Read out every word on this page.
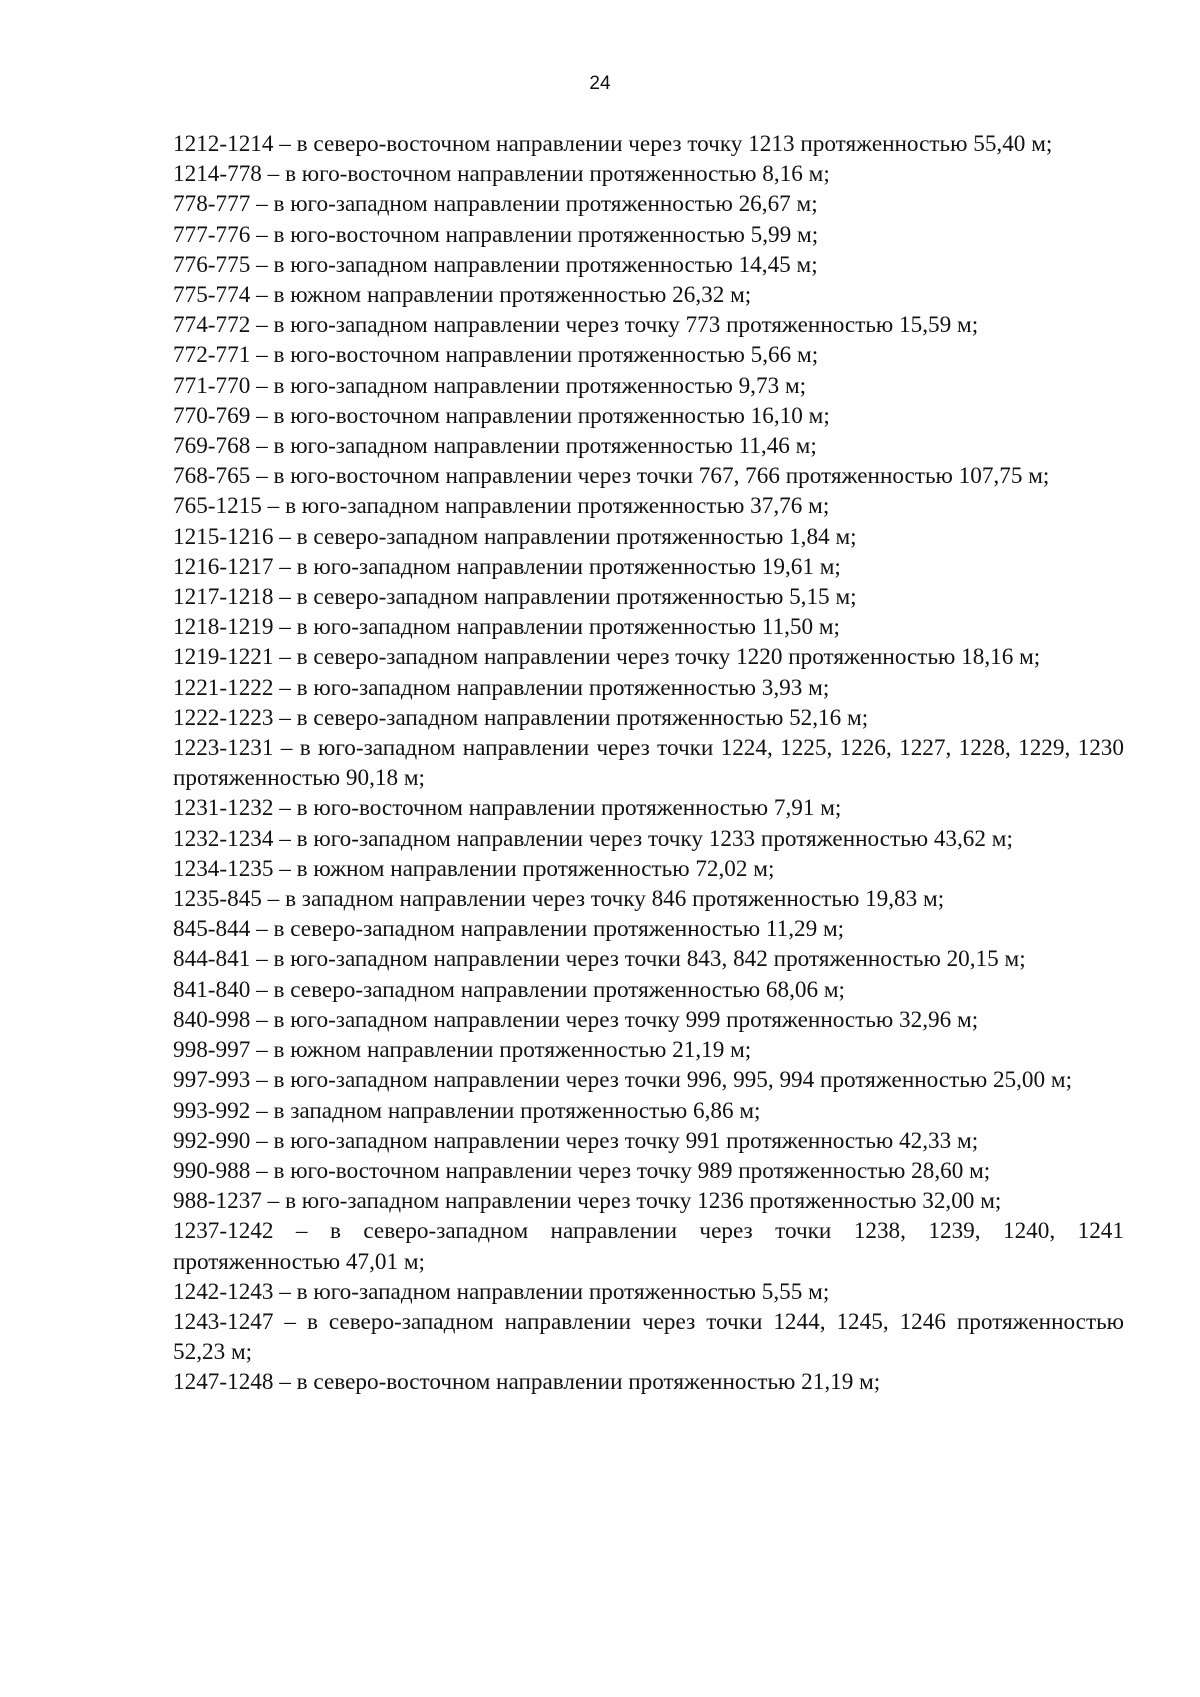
24

1212-1214 – в северо-восточном направлении через точку 1213 протяженностью 55,40 м;

1214-778 – в юго-восточном направлении протяженностью 8,16 м;

778-777 – в юго-западном направлении протяженностью 26,67 м;

777-776 – в юго-восточном направлении протяженностью 5,99 м;

776-775 – в юго-западном направлении протяженностью 14,45 м;

775-774 – в южном направлении протяженностью 26,32 м;

774-772 – в юго-западном направлении через точку 773 протяженностью 15,59 м;

772-771 – в юго-восточном направлении протяженностью 5,66 м;

771-770 – в юго-западном направлении протяженностью 9,73 м;

770-769 – в юго-восточном направлении протяженностью 16,10 м;

769-768 – в юго-западном направлении протяженностью 11,46 м;

768-765 – в юго-восточном направлении через точки 767, 766 протяженностью 107,75 м;

765-1215 – в юго-западном направлении протяженностью 37,76 м;

1215-1216 – в северо-западном направлении протяженностью 1,84 м;

1216-1217 – в юго-западном направлении протяженностью 19,61 м;

1217-1218 – в северо-западном направлении протяженностью 5,15 м;

1218-1219 – в юго-западном направлении протяженностью 11,50 м;

1219-1221 – в северо-западном направлении через точку 1220 протяженностью 18,16 м;

1221-1222 – в юго-западном направлении протяженностью 3,93 м;

1222-1223 – в северо-западном направлении протяженностью 52,16 м;

1223-1231 – в юго-западном направлении через точки 1224, 1225, 1226, 1227, 1228, 1229, 1230 протяженностью 90,18 м;

1231-1232 – в юго-восточном направлении протяженностью 7,91 м;

1232-1234 – в юго-западном направлении через точку 1233 протяженностью 43,62 м;

1234-1235 – в южном направлении протяженностью 72,02 м;

1235-845 – в западном направлении через точку 846 протяженностью 19,83 м;

845-844 – в северо-западном направлении протяженностью 11,29 м;

844-841 – в юго-западном направлении через точки 843, 842 протяженностью 20,15 м;

841-840 – в северо-западном направлении протяженностью 68,06 м;

840-998 – в юго-западном направлении через точку 999 протяженностью 32,96 м;

998-997 – в южном направлении протяженностью 21,19 м;

997-993 – в юго-западном направлении через точки 996, 995, 994 протяженностью 25,00 м;

993-992 – в западном направлении протяженностью 6,86 м;

992-990 – в юго-западном направлении через точку 991 протяженностью 42,33 м;

990-988 – в юго-восточном направлении через точку 989 протяженностью 28,60 м;

988-1237 – в юго-западном направлении через точку 1236 протяженностью 32,00 м;

1237-1242 – в северо-западном направлении через точки 1238, 1239, 1240, 1241 протяженностью 47,01 м;

1242-1243 – в юго-западном направлении протяженностью 5,55 м;

1243-1247 – в северо-западном направлении через точки 1244, 1245, 1246 протяженностью 52,23 м;

1247-1248 – в северо-восточном направлении протяженностью 21,19 м;
